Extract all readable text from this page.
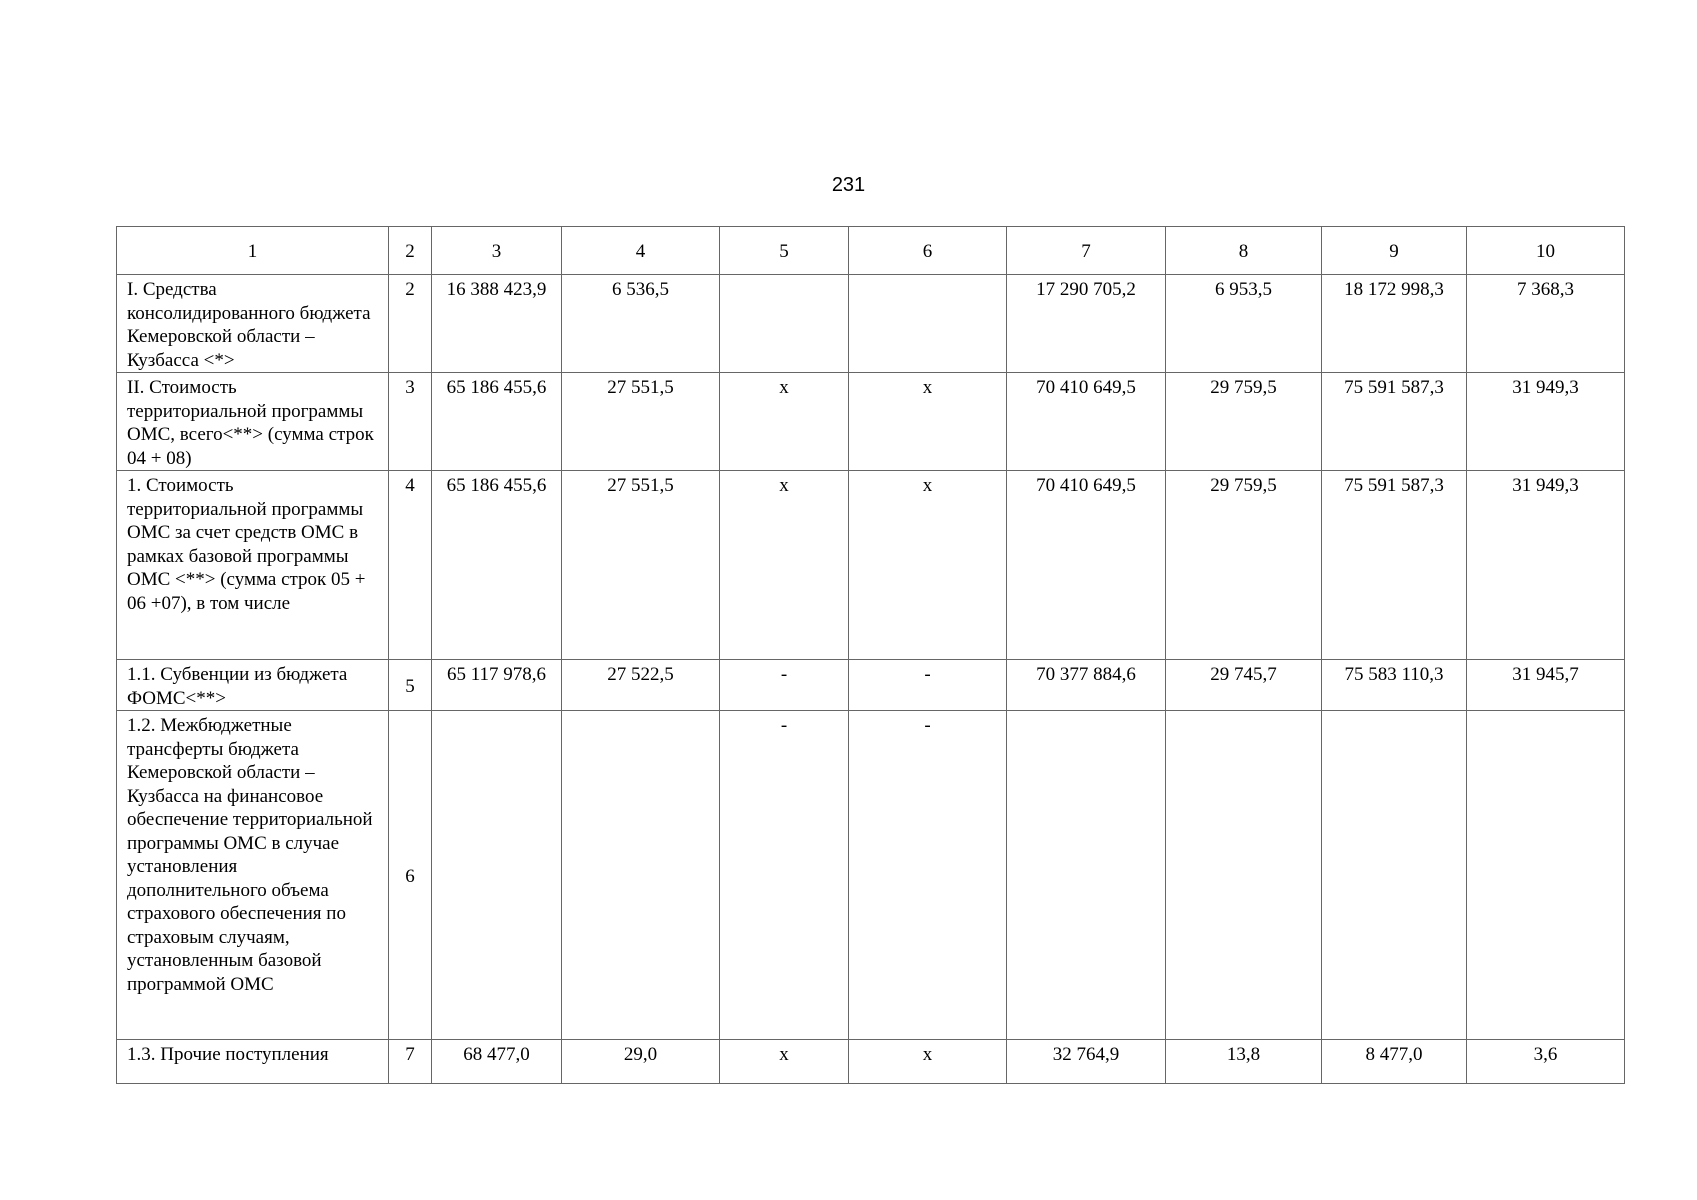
231
1	2	3	4	5	6	7	8	9	10
I. Средства консолидированного бюджета Кемеровской области – Кузбасса <*>	2	16 388 423,9	6 536,5			17 290 705,2	6 953,5	18 172 998,3	7 368,3
II. Стоимость территориальной программы ОМС, всего<**> (сумма строк 04 + 08)	3	65 186 455,6	27 551,5	х	х	70 410 649,5	29 759,5	75 591 587,3	31 949,3
1. Стоимость территориальной программы ОМС за счет средств ОМС в рамках базовой программы ОМС <**> (сумма строк 05 + 06 +07), в том числе	4	65 186 455,6	27 551,5	х	х	70 410 649,5	29 759,5	75 591 587,3	31 949,3
1.1. Субвенции из бюджета ФОМС<**>	5	65 117 978,6	27 522,5	-	-	70 377 884,6	29 745,7	75 583 110,3	31 945,7
1.2. Межбюджетные трансферты бюджета Кемеровской области – Кузбасса на финансовое обеспечение территориальной программы ОМС в случае установления дополнительного объема страхового обеспечения по страховым случаям, установленным базовой программой ОМС	6			-	-				
1.3. Прочие поступления	7	68 477,0	29,0	х	х	32 764,9	13,8	8 477,0	3,6
